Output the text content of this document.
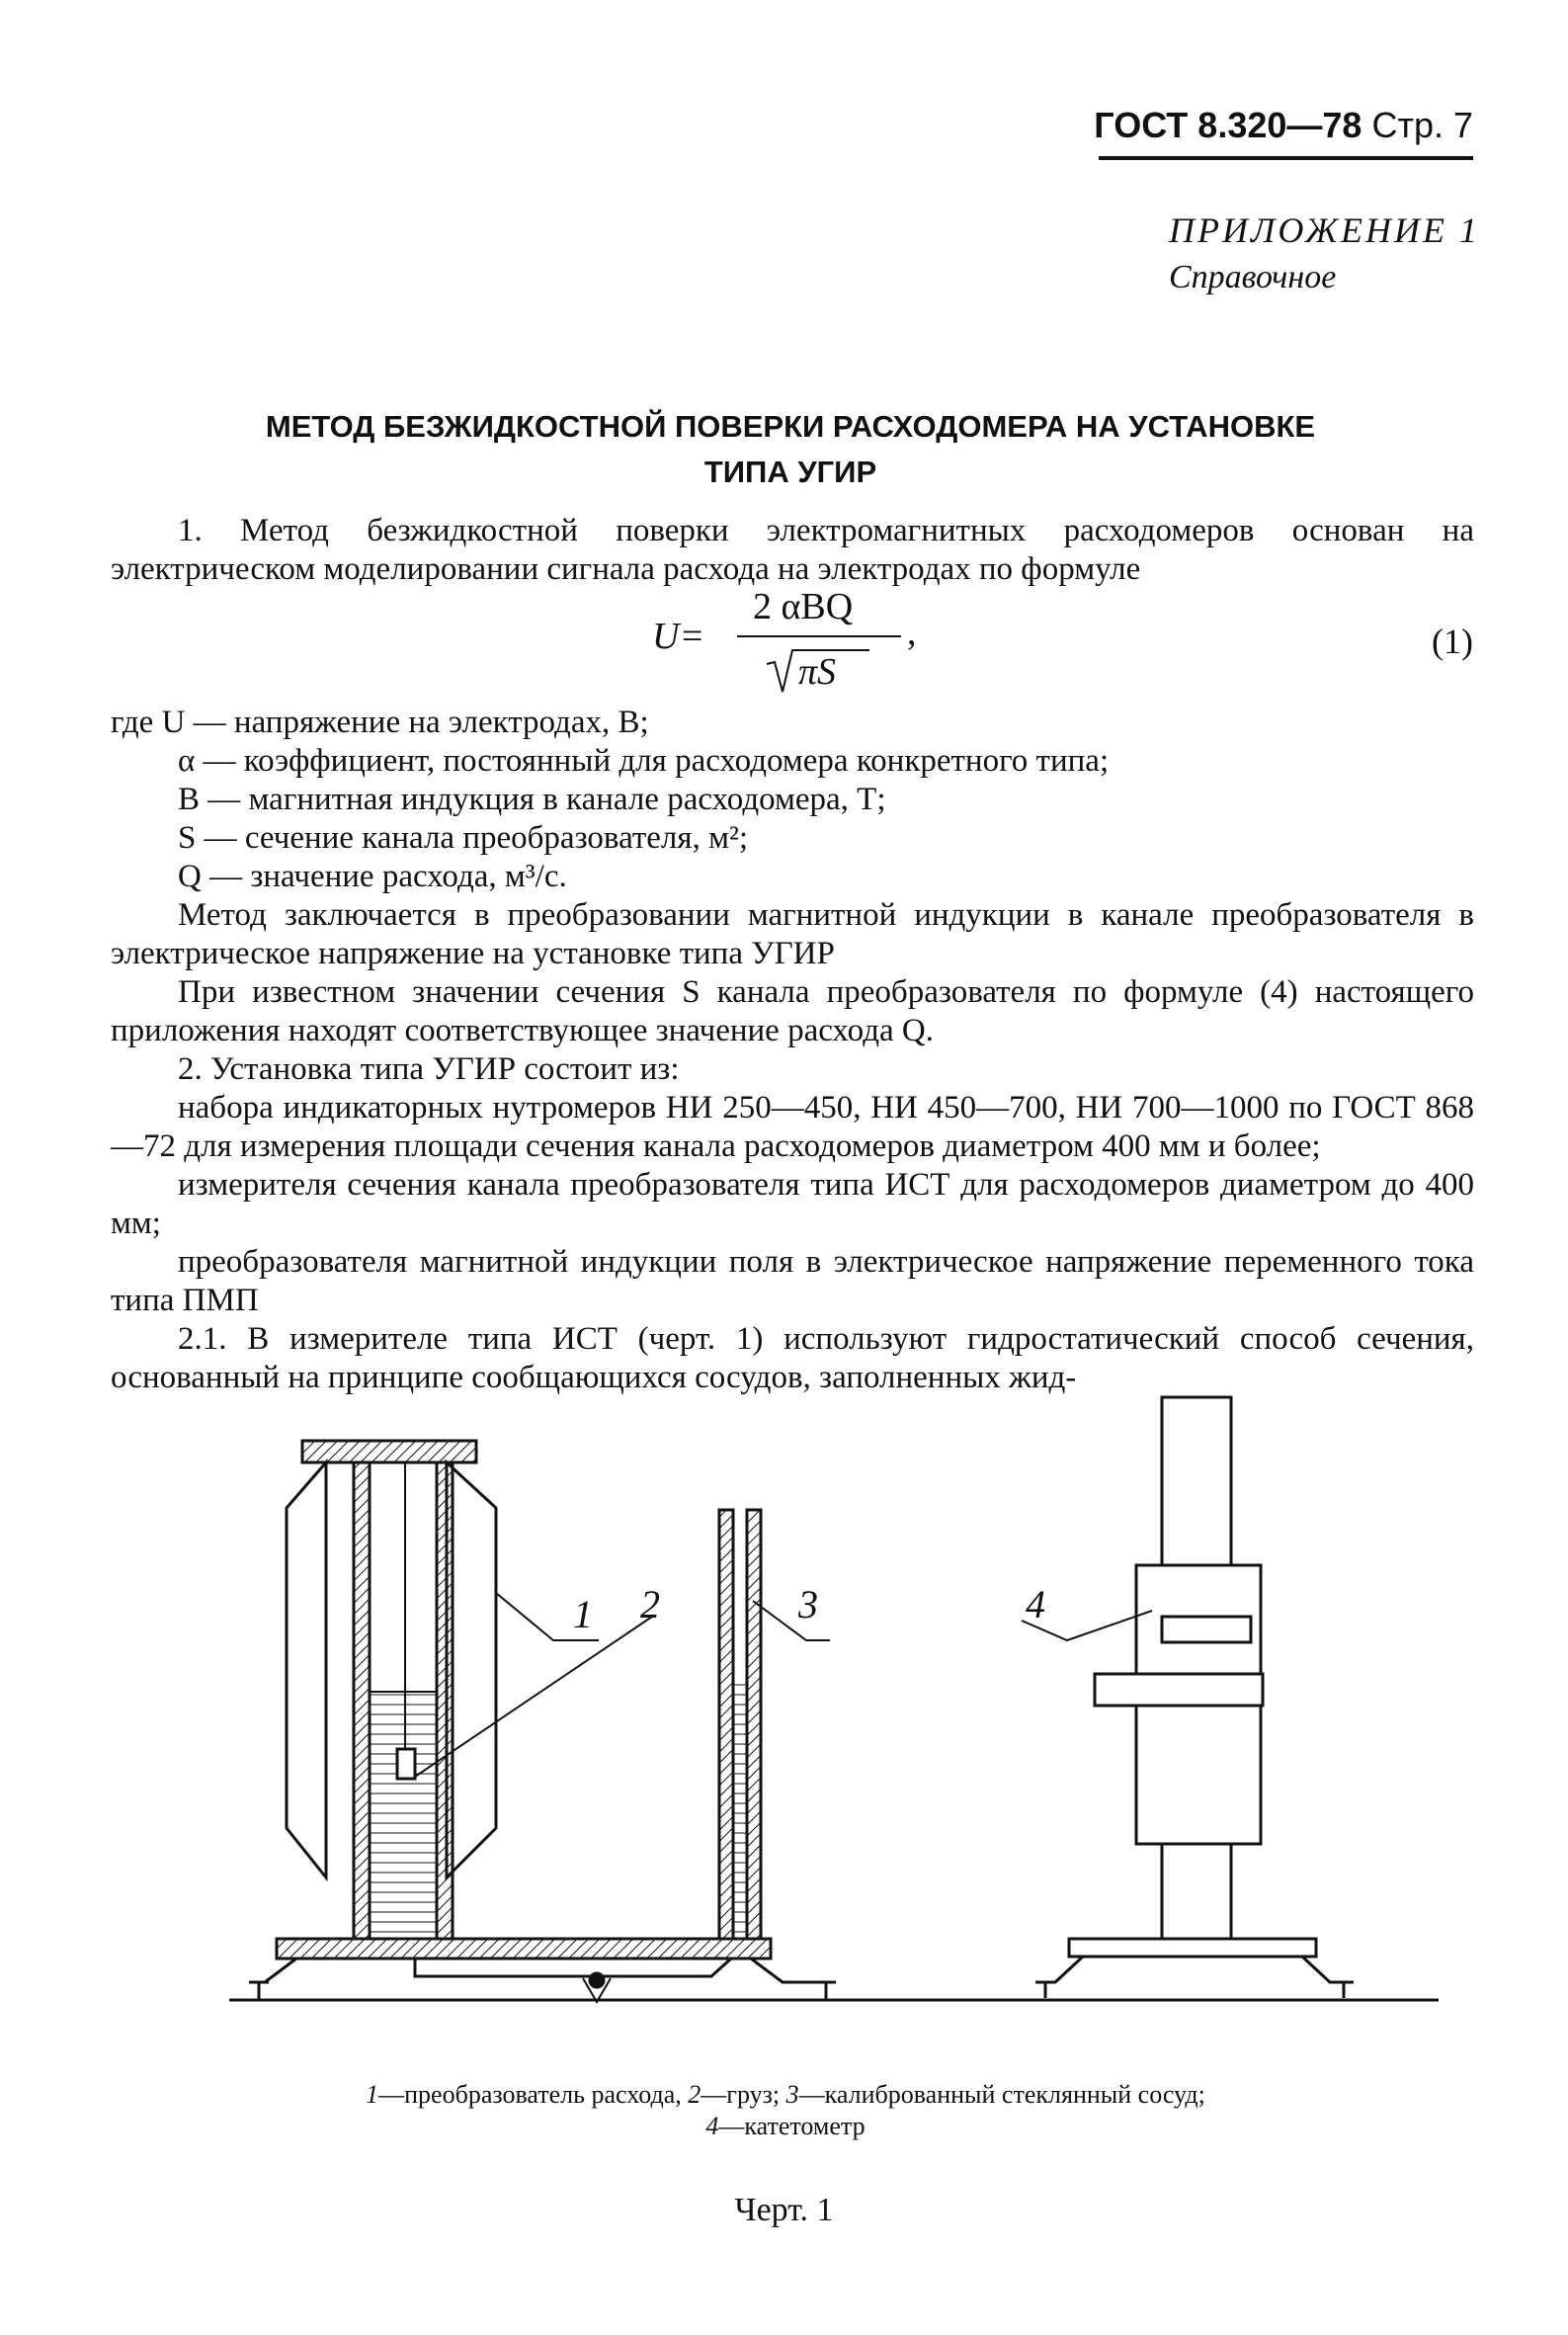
ГОСТ 8.320—78 Стр. 7
ПРИЛОЖЕНИЕ 1
Справочное
МЕТОД БЕЗЖИДКОСТНОЙ ПОВЕРКИ РАСХОДОМЕРА НА УСТАНОВКЕ
ТИПА УГИР
1. Метод безжидкостной поверки электромагнитных расходомеров основан на электрическом моделировании сигнала расхода на электродах по формуле
U=
2 αBQ
πS
,	(1)
где U — напряжение на электродах, В;
α — коэффициент, постоянный для расходомера конкретного типа;
B — магнитная индукция в канале расходомера, Т;
S — сечение канала преобразователя, м²;
Q — значение расхода, м³/с.
Метод заключается в преобразовании магнитной индукции в канале преобразователя в электрическое напряжение на установке типа УГИР
При известном значении сечения S канала преобразователя по формуле (4) настоящего приложения находят соответствующее значение расхода Q.
2. Установка типа УГИР состоит из:
набора индикаторных нутромеров НИ 250—450, НИ 450—700, НИ 700—1000 по ГОСТ 868—72 для измерения площади сечения канала расходомеров диаметром 400 мм и более;
измерителя сечения канала преобразователя типа ИСТ для расходомеров диаметром до 400 мм;
преобразователя магнитной индукции поля в электрическое напряжение переменного тока типа ПМП
2.1. В измерителе типа ИСТ (черт. 1) используют гидростатический способ сечения, основанный на принципе сообщающихся сосудов, заполненных жид-
1 2	3	4
1—преобразователь расхода, 2—груз; 3—калиброванный стеклянный сосуд;
4—катетометр
Черт. 1
